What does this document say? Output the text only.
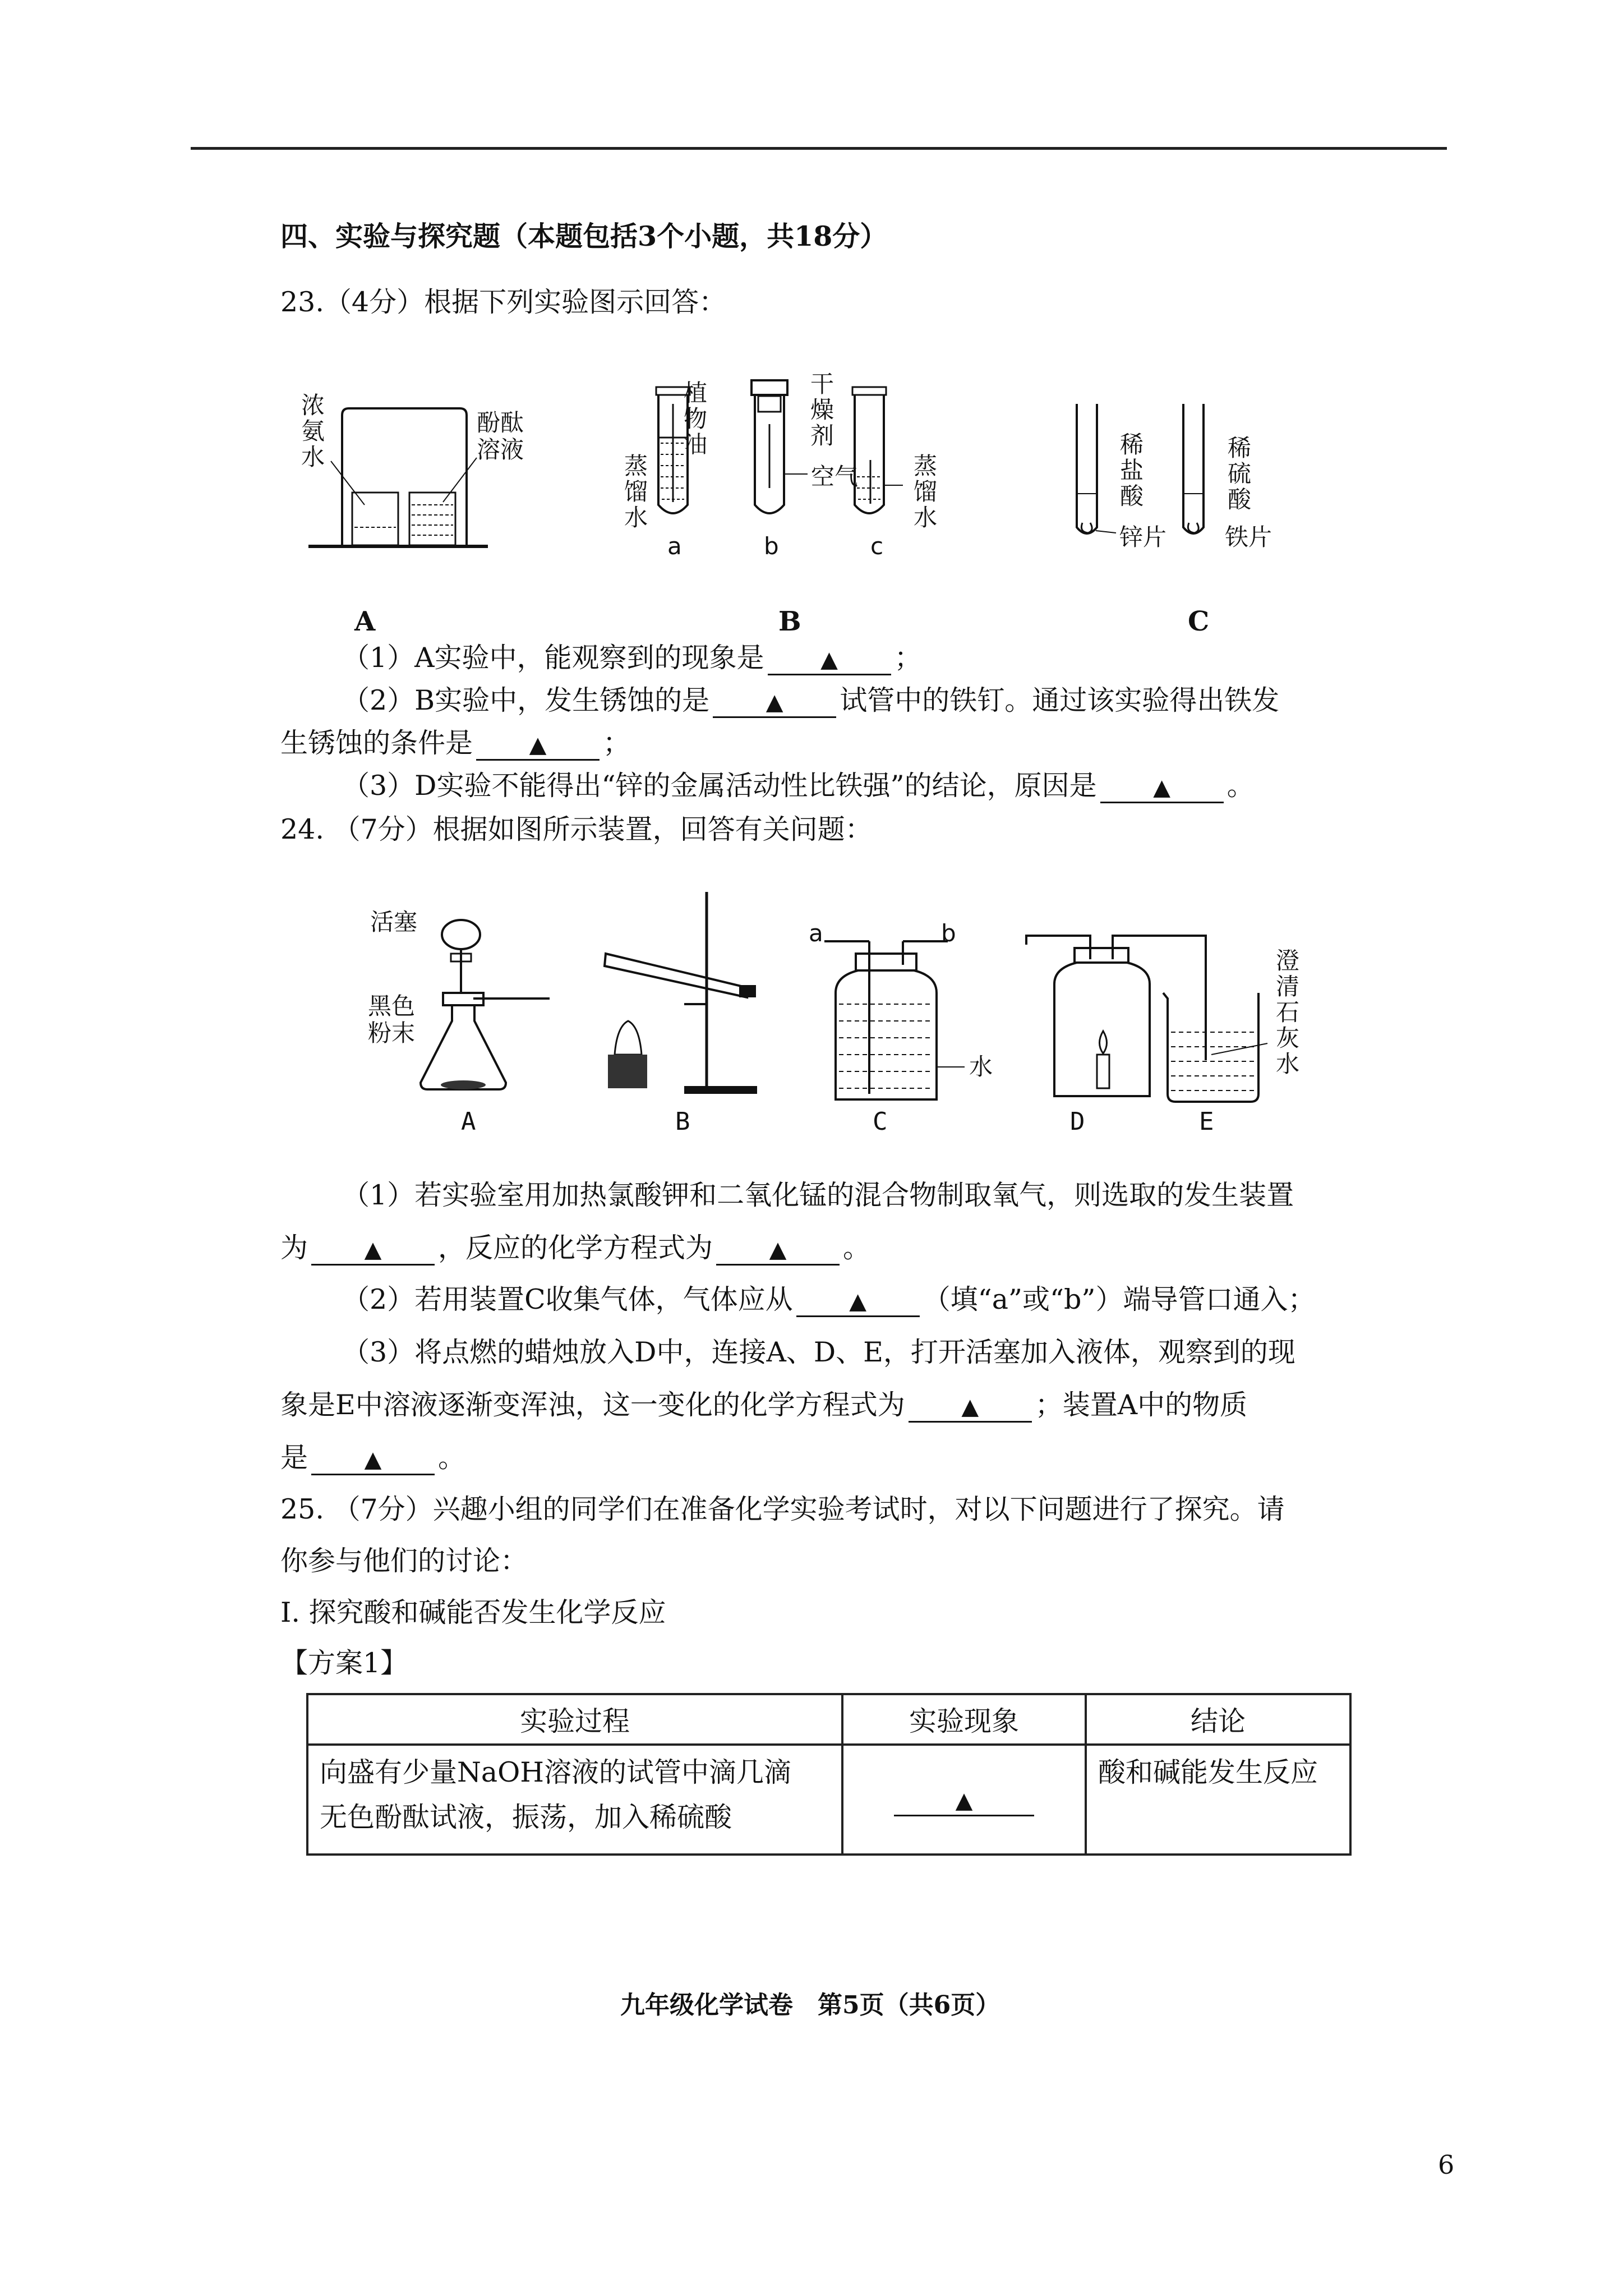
四、实验与探究题（本题包括3个小题，共18分）
23.（4分）根据下列实验图示回答：
浓氨水
酚酞溶液
植物油
蒸馏水
干燥剂
空气 蒸馏水
a	b	c
稀盐酸
锌片
稀硫酸
铁片
A	B	C
（1）A实验中，能观察到的现象是	▲ ；
（2）B实验中，发生锈蚀的是	▲ 试管中的铁钉。通过该实验得出铁发
生锈蚀的条件是	▲ ；
（3）D实验不能得出“锌的金属活动性比铁强”的结论，原因是	▲ 。
24. （7分）根据如图所示装置，回答有关问题：
活塞
黑色粉末
a	b
水
澄清石灰水
A	B	C	D	E
（1）若实验室用加热氯酸钾和二氧化锰的混合物制取氧气，则选取的发生装置
为	▲ ，反应的化学方程式为	▲ 。
（2）若用装置C收集气体，气体应从	▲ （填“a”或“b”）端导管口通入；
（3）将点燃的蜡烛放入D中，连接A、D、E，打开活塞加入液体，观察到的现
象是E中溶液逐渐变浑浊，这一变化的化学方程式为	▲ ；装置A中的物质
是	▲ 。
25. （7分）兴趣小组的同学们在准备化学实验考试时，对以下问题进行了探究。请
你参与他们的讨论：
I. 探究酸和碱能否发生化学反应
【方案1】
实验过程	实验现象	结论

向盛有少量NaOH溶液的试管中滴几滴
无色酚酞试液，振荡，加入稀硫酸	▲	酸和碱能发生反应
九年级化学试卷　第5页（共6页）
6
